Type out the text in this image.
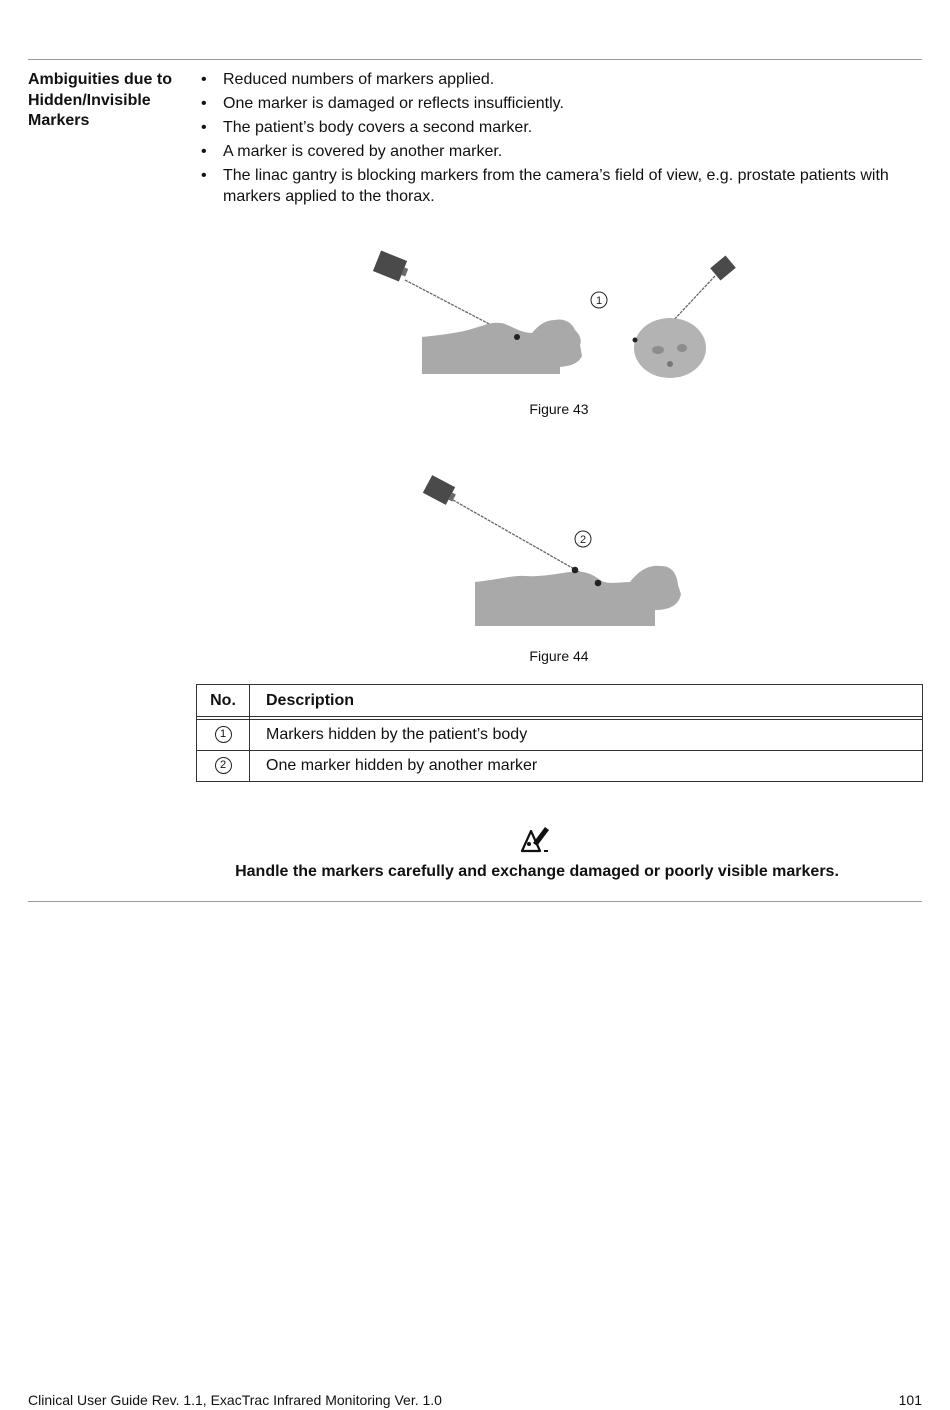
Ambiguities due to Hidden/Invisible Markers
• Reduced numbers of markers applied.
• One marker is damaged or reflects insufficiently.
• The patient’s body covers a second marker.
• A marker is covered by another marker.
• The linac gantry is blocking markers from the camera’s field of view, e.g. prostate patients with markers applied to the thorax.
1
Figure 43
2
Figure 44
No.	Description

1	Markers hidden by the patient’s body
2	One marker hidden by another marker
Handle the markers carefully and exchange damaged or poorly visible markers.
Clinical User Guide Rev. 1.1, ExacTrac Infrared Monitoring Ver. 1.0	101
